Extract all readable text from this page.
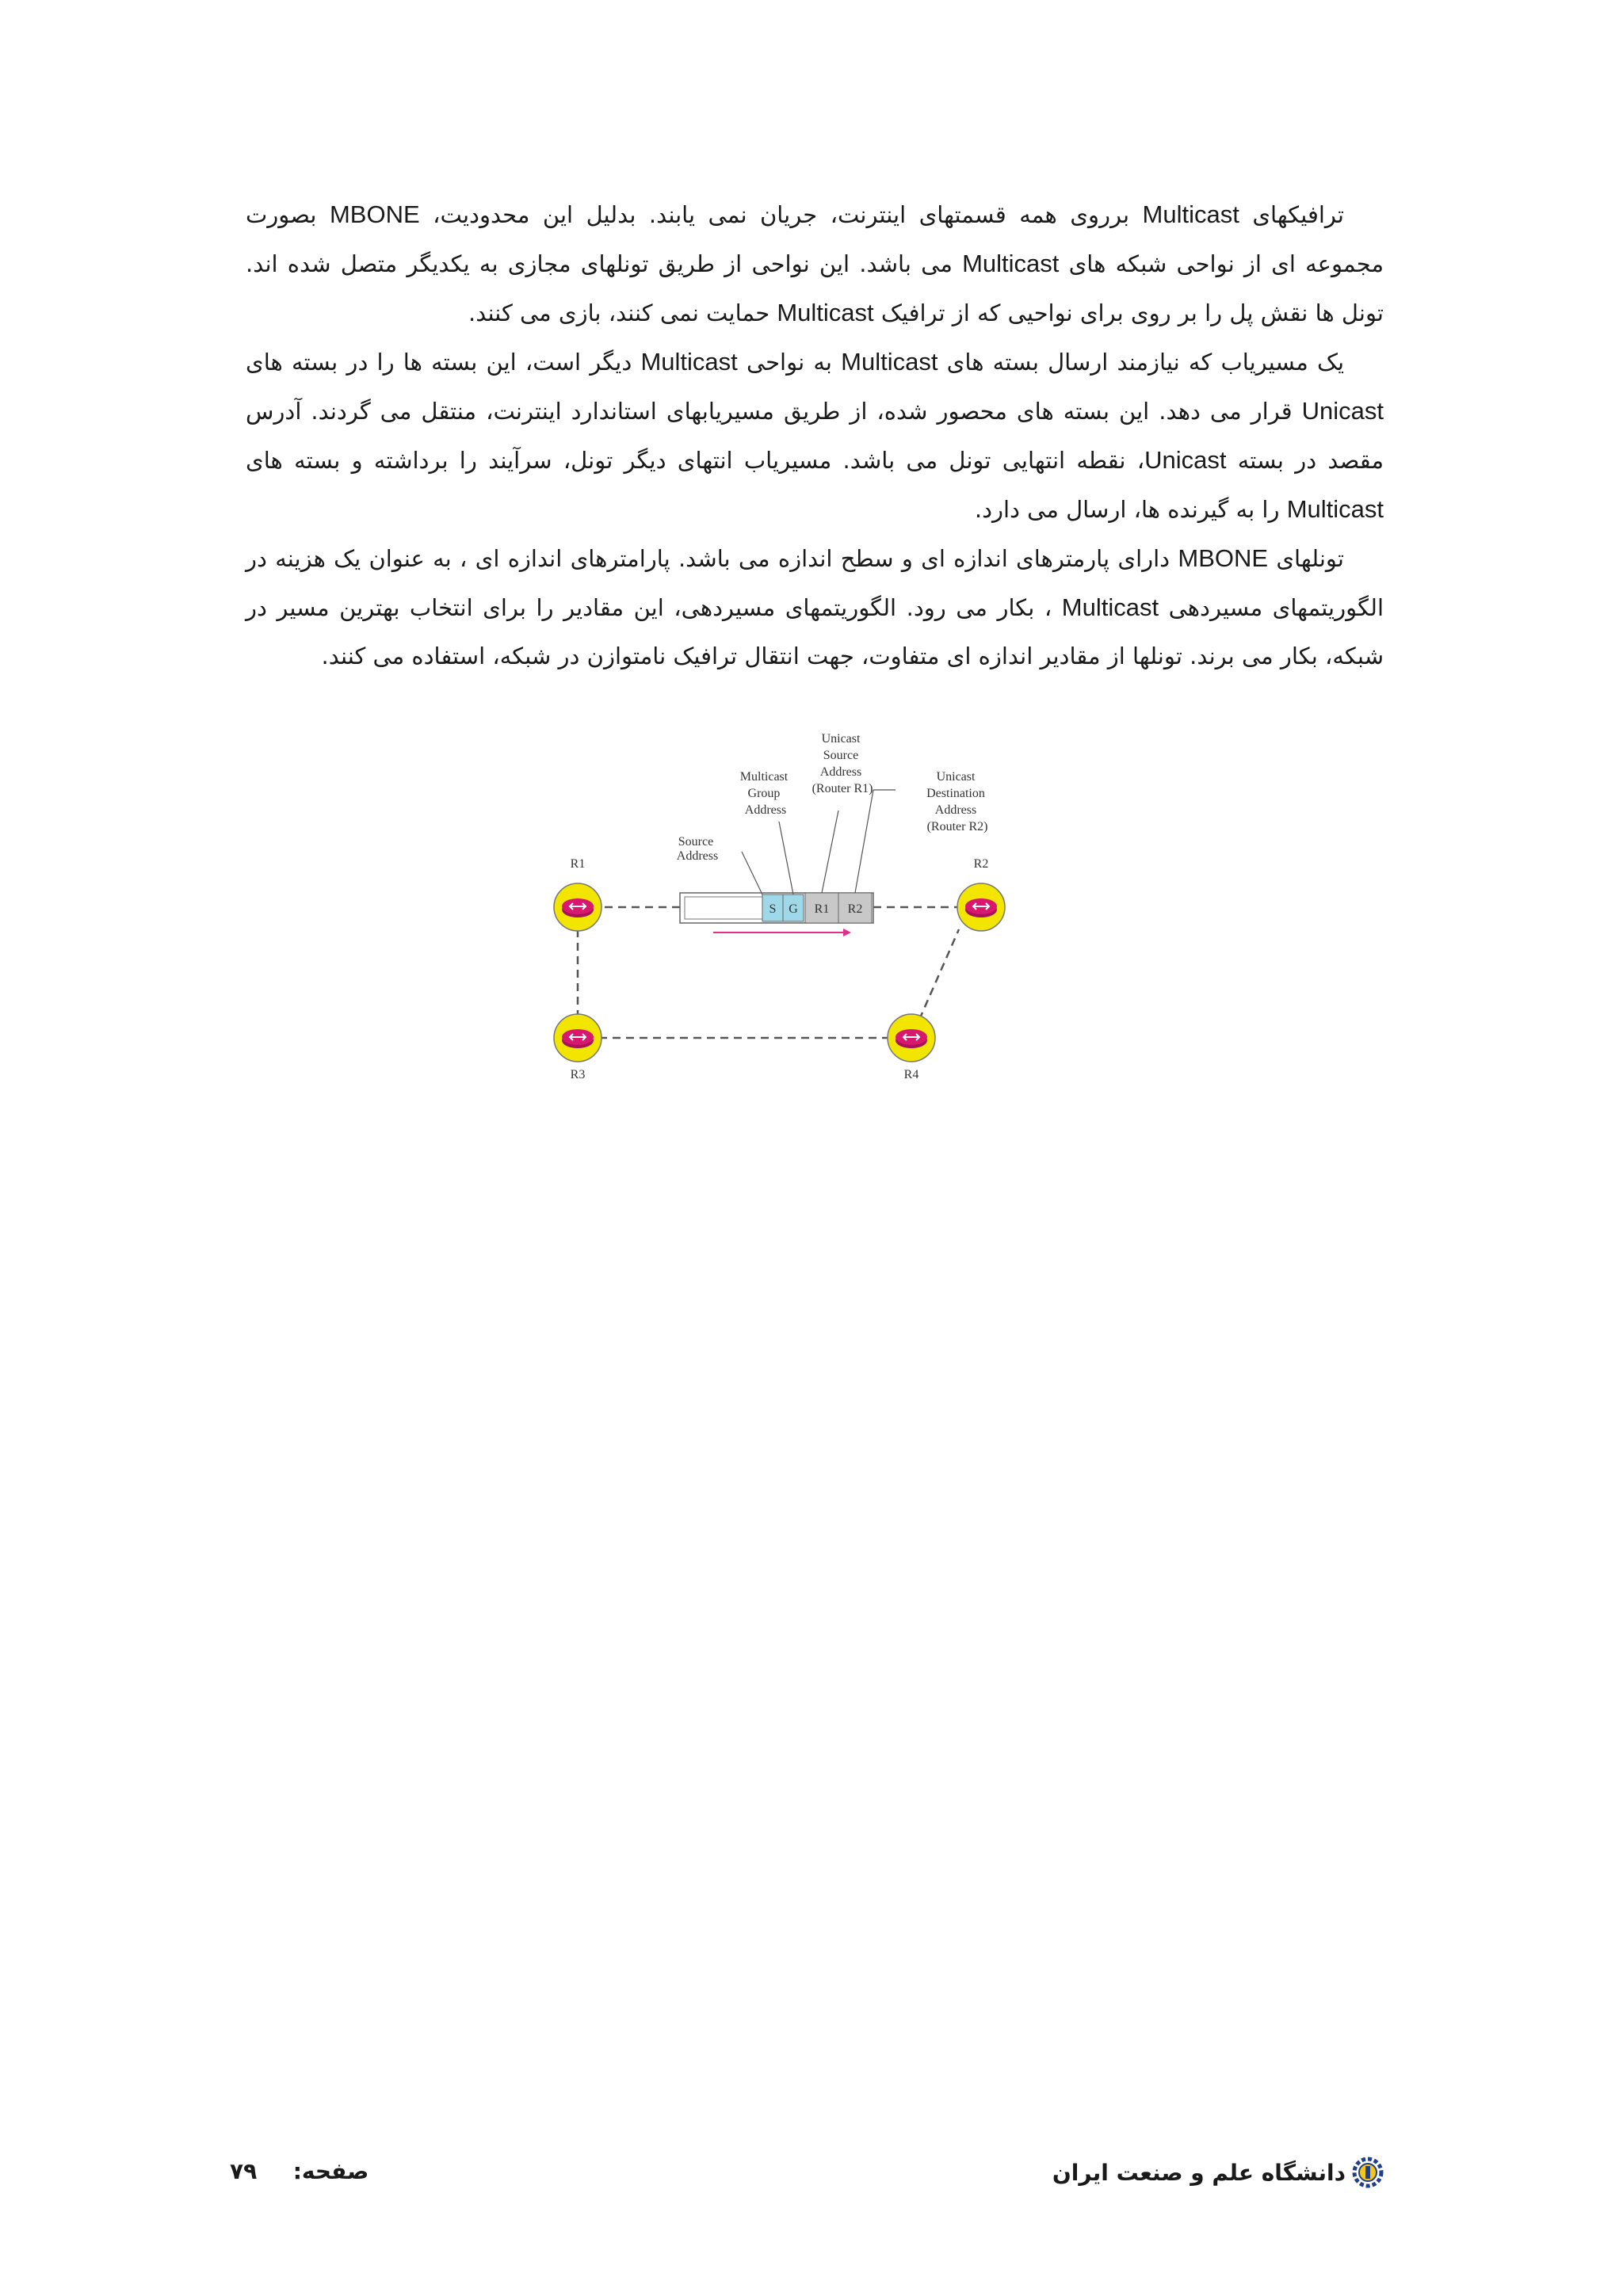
ترافیکهای Multicast برروی همه قسمتهای اینترنت، جریان نمی یابند. بدلیل این محدودیت، MBONE بصورت مجموعه ای از نواحی شبکه های Multicast می باشد. این نواحی از طریق تونلهای مجازی به یکدیگر متصل شده اند. تونل ها نقش پل را بر روی برای نواحیی که از ترافیک Multicast حمایت نمی کنند، بازی می کنند.

یک مسیریاب که نیازمند ارسال بسته های Multicast به نواحی Multicast دیگر است، این بسته ها را در بسته های Unicast قرار می دهد. این بسته های محصور شده، از طریق مسیریابهای استاندارد اینترنت، منتقل می گردند. آدرس مقصد در بسته Unicast، نقطه انتهایی تونل می باشد. مسیریاب انتهای دیگر تونل، سرآیند را برداشته و بسته های Multicast را به گیرنده ها، ارسال می دارد.

تونلهای MBONE دارای پارمترهای اندازه ای و سطح اندازه می باشد. پارامترهای اندازه ای ، به عنوان یک هزینه در الگوریتمهای مسیردهی Multicast ، بکار می رود. الگوریتمهای مسیردهی، این مقادیر را برای انتخاب بهترین مسیر در شبکه، بکار می برند. تونلها از مقادیر اندازه ای متفاوت، جهت انتقال ترافیک نامتوازن در شبکه، استفاده می کنند.

S G R1 R2
Source Address
Multicast Group Address
Unicast Source Address (Router R1)
Unicast Destination Address (Router R2)
R1	R2
R3	R4
صفحه:  ۷۹	دانشگاه علم و صنعت ایران
